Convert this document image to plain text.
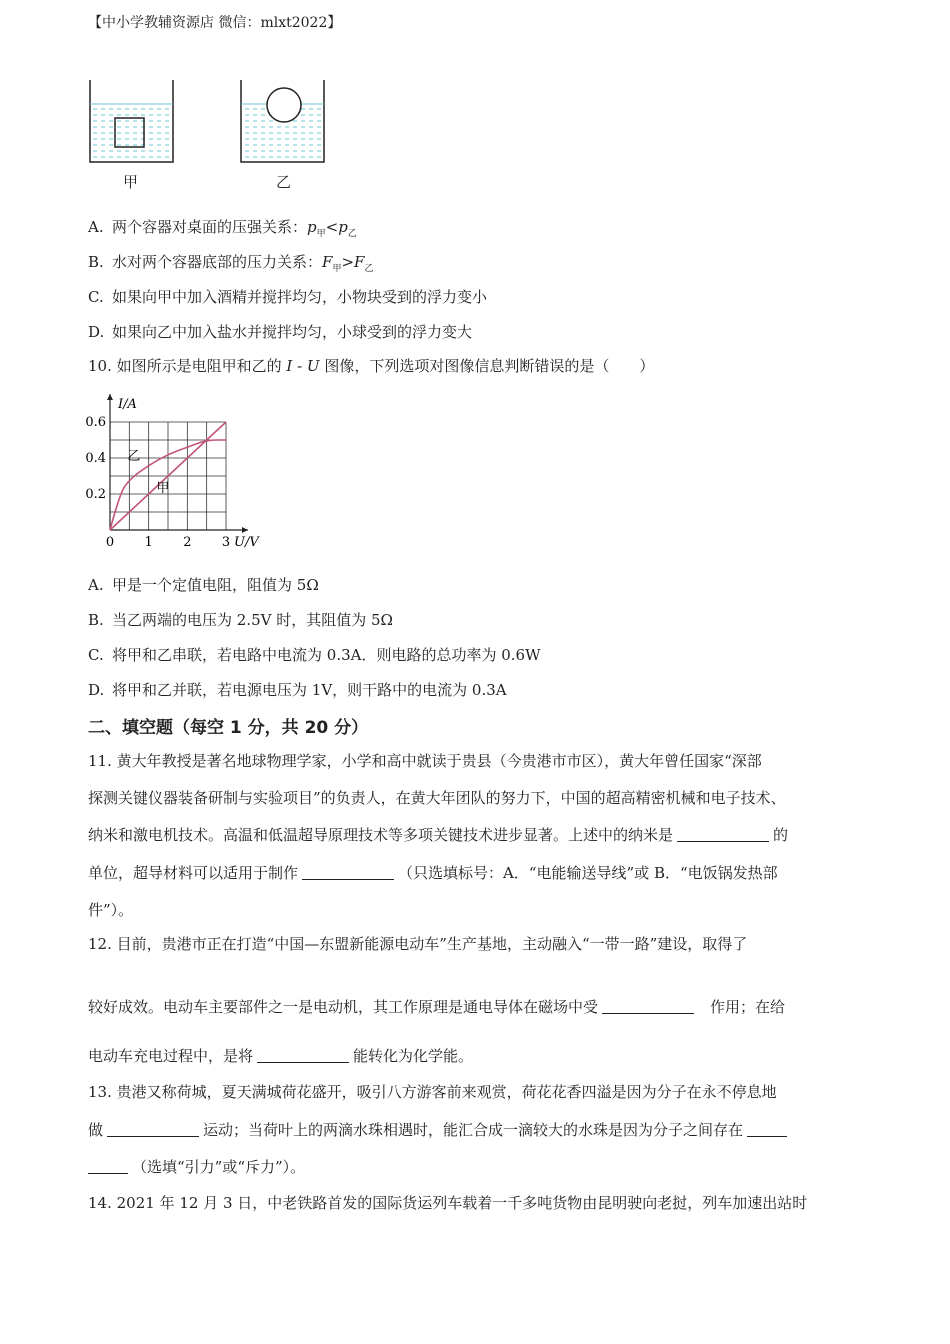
【中小学教辅资源店 微信：mlxt2022】
甲	乙
A. 两个容器对桌面的压强关系：$p_甲<p_乙$
B. 水对两个容器底部的压力关系：$F_甲>F_乙$
C. 如果向甲中加入酒精并搅拌均匀，小物块受到的浮力变小
D. 如果向乙中加入盐水并搅拌均匀，小球受到的浮力变大
10. 如图所示是电阻甲和乙的 I - U 图像，下列选项对图像信息判断错误的是（　　）
0 1 2 3
0.2
0.4
0.6
U/V
I/A
甲
乙
A. 甲是一个定值电阻，阻值为 5Ω
B. 当乙两端的电压为 2.5V 时，其阻值为 5Ω
C. 将甲和乙串联，若电路中电流为 0.3A．则电路的总功率为 0.6W
D. 将甲和乙并联，若电源电压为 1V，则干路中的电流为 0.3A
二、填空题（每空 1 分，共 20 分）
11. 黄大年教授是著名地球物理学家，小学和高中就读于贵县（今贵港市市区），黄大年曾任国家“深部
探测关键仪器装备研制与实验项目”的负责人，在黄大年团队的努力下，中国的超高精密机械和电子技术、
纳米和激电机技术。高温和低温超导原理技术等多项关键技术进步显著。上述中的纳米是	的
单位，超导材料可以适用于制作	（只选填标号：A．“电能输送导线”或 B．“电饭锅发热部
件”）。
12. 目前，贵港市正在打造“中国—东盟新能源电动车”生产基地，主动融入“一带一路”建设，取得了
较好成效。电动车主要部件之一是电动机，其工作原理是通电导体在磁场中受	作用；在给
电动车充电过程中，是将	能转化为化学能。
13. 贵港又称荷城，夏天满城荷花盛开，吸引八方游客前来观赏，荷花花香四溢是因为分子在永不停息地
做	运动；当荷叶上的两滴水珠相遇时，能汇合成一滴较大的水珠是因为分子之间存在
（选填“引力”或“斥力”）。
14. 2021 年 12 月 3 日，中老铁路首发的国际货运列车载着一千多吨货物由昆明驶向老挝，列车加速出站时
